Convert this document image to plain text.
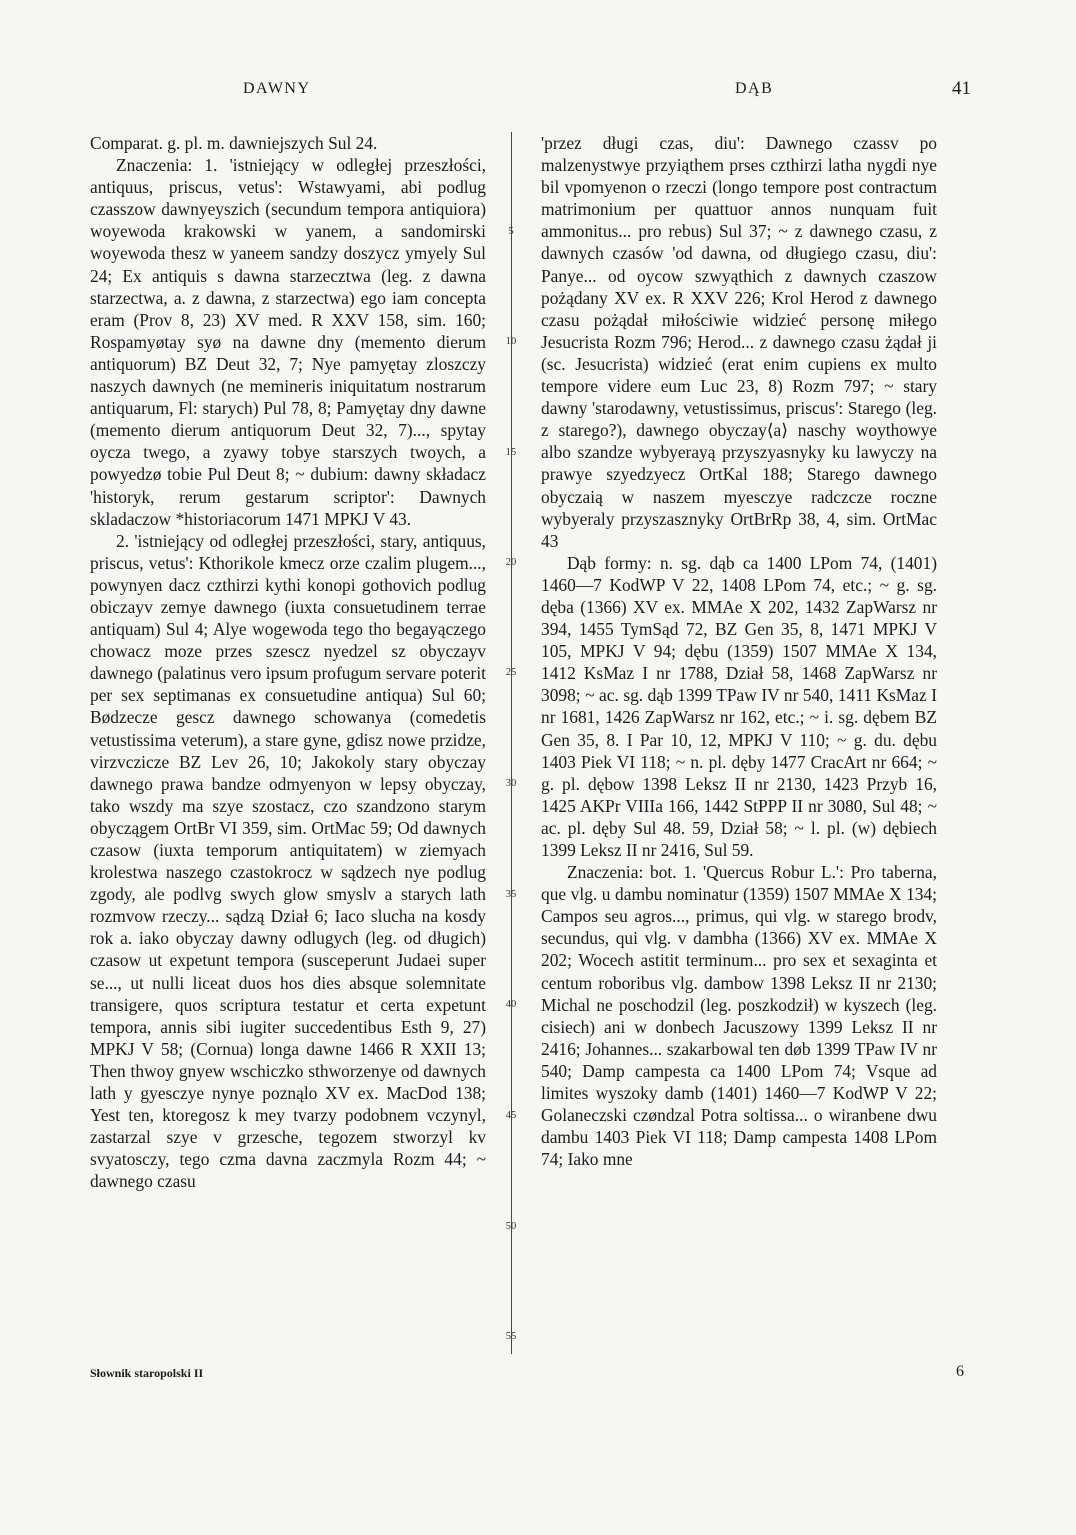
DAWNY	DĄB	41

Comparat. g. pl. m. dawniejszych Sul 24.

Znaczenia: 1. 'istniejący w odległej przeszłości, antiquus, priscus, vetus': Wstawyami, abi podlug czasszow dawnyeyszich (secundum tempora antiquiora) woyewoda krakowski w yanem, a sandomirski woyewoda thesz w yaneem sandzy doszycz ymyely Sul 24; Ex antiquis s dawna starzecztwa (leg. z dawna starzectwa, a. z dawna, z starzectwa) ego iam concepta eram (Prov 8, 23) XV med. R XXV 158, sim. 160; Rospamyøtay syø na dawne dny (memento dierum antiquorum) BZ Deut 32, 7; Nye pamyętay zloszczy naszych dawnych (ne memineris iniquitatum nostrarum antiquarum, Fl: starych) Pul 78, 8; Pamyętay dny dawne (memento dierum antiquorum Deut 32, 7)..., spytay oycza twego, a zyawy tobye starszych twoych, a powyedzø tobie Pul Deut 8; ~ dubium: dawny składacz 'historyk, rerum gestarum scriptor': Dawnych skladaczow *historiacorum 1471 MPKJ V 43.

2. 'istniejący od odległej przeszłości, stary, antiquus, priscus, vetus': Kthorikole kmecz orze czalim plugem..., powynyen dacz czthirzi kythi konopi gothovich podlug obiczayv zemye dawnego (iuxta consuetudinem terrae antiquam) Sul 4; Alye wogewoda tego tho begayączego chowacz moze przes szescz nyedzel sz obyczayv dawnego (palatinus vero ipsum profugum servare poterit per sex septimanas ex consuetudine antiqua) Sul 60; Bødzecze gescz dawnego schowanya (comedetis vetustissima veterum), a stare gyne, gdisz nowe przidze, virzvczicze BZ Lev 26, 10; Jakokoly stary obyczay dawnego prawa bandze odmyenyon w lepsy obyczay, tako wszdy ma szye szostacz, czo szandzono starym obyczągem OrtBr VI 359, sim. OrtMac 59; Od dawnych czasow (iuxta temporum antiquitatem) w ziemyach krolestwa naszego czastokrocz w sądzech nye podlug zgody, ale podlvg swych glow smyslv a starych lath rozmvow rzeczy... sądzą Dział 6; Iaco slucha na kosdy rok a. iako obyczay dawny odlugych (leg. od długich) czasow ut expetunt tempora (susceperunt Judaei super se..., ut nulli liceat duos hos dies absque solemnitate transigere, quos scriptura testatur et certa expetunt tempora, annis sibi iugiter succedentibus Esth 9, 27) MPKJ V 58; (Cornua) longa dawne 1466 R XXII 13; Then thwoy gnyew wschiczko sthworzenye od dawnych lath y gyesczye nynye poznąlo XV ex. MacDod 138; Yest ten, ktoregosz k mey tvarzy podobnem vczynyl, zastarzal szye v grzesche, tegozem stworzyl kv svyatosczy, tego czma davna zaczmyla Rozm 44; ~ dawnego czasu

5
10
15
20
25
30
35
40
45
50
55

'przez długi czas, diu': Dawnego czassv po malzenystwye przyiąthem prses czthirzi latha nygdi nye bil vpomyenon o rzeczi (longo tempore post contractum matrimonium per quattuor annos nunquam fuit ammonitus... pro rebus) Sul 37; ~ z dawnego czasu, z dawnych czasów 'od dawna, od długiego czasu, diu': Panye... od oycow szwyąthich z dawnych czaszow pożądany XV ex. R XXV 226; Krol Herod z dawnego czasu pożądał miłościwie widzieć personę miłego Jesucrista Rozm 796; Herod... z dawnego czasu żądał ji (sc. Jesucrista) widzieć (erat enim cupiens ex multo tempore videre eum Luc 23, 8) Rozm 797; ~ stary dawny 'starodawny, vetustissimus, priscus': Starego (leg. z starego?), dawnego obyczay⟨a⟩ naschy woythowye albo szandze wybyerayą przyszyasnyky ku lawyczy na prawye szyedzyecz OrtKal 188; Starego dawnego obyczaią w naszem myesczye radczcze roczne wybyeraly przyszasznyky OrtBrRp 38, 4, sim. OrtMac 43

Dąb formy: n. sg. dąb ca 1400 LPom 74, (1401) 1460—7 KodWP V 22, 1408 LPom 74, etc.; ~ g. sg. dęba (1366) XV ex. MMAe X 202, 1432 ZapWarsz nr 394, 1455 TymSąd 72, BZ Gen 35, 8, 1471 MPKJ V 105, MPKJ V 94; dębu (1359) 1507 MMAe X 134, 1412 KsMaz I nr 1788, Dział 58, 1468 ZapWarsz nr 3098; ~ ac. sg. dąb 1399 TPaw IV nr 540, 1411 KsMaz I nr 1681, 1426 ZapWarsz nr 162, etc.; ~ i. sg. dębem BZ Gen 35, 8. I Par 10, 12, MPKJ V 110; ~ g. du. dębu 1403 Piek VI 118; ~ n. pl. dęby 1477 CracArt nr 664; ~ g. pl. dębow 1398 Leksz II nr 2130, 1423 Przyb 16, 1425 AKPr VIIIa 166, 1442 StPPP II nr 3080, Sul 48; ~ ac. pl. dęby Sul 48. 59, Dział 58; ~ l. pl. (w) dębiech 1399 Leksz II nr 2416, Sul 59.

Znaczenia: bot. 1. 'Quercus Robur L.': Pro taberna, que vlg. u dambu nominatur (1359) 1507 MMAe X 134; Campos seu agros..., primus, qui vlg. w starego brodv, secundus, qui vlg. v dambha (1366) XV ex. MMAe X 202; Wocech astitit terminum... pro sex et sexaginta et centum roboribus vlg. dambow 1398 Leksz II nr 2130; Michal ne poschodzil (leg. poszkodził) w kyszech (leg. cisiech) ani w donbech Jacuszowy 1399 Leksz II nr 2416; Johannes... szakarbowal ten døb 1399 TPaw IV nr 540; Damp campesta ca 1400 LPom 74; Vsque ad limites wyszoky damb (1401) 1460—7 KodWP V 22; Golaneczski czøndzal Potra soltissa... o wiranbene dwu dambu 1403 Piek VI 118; Damp campesta 1408 LPom 74; Iako mne

Słownik staropolski II	6
